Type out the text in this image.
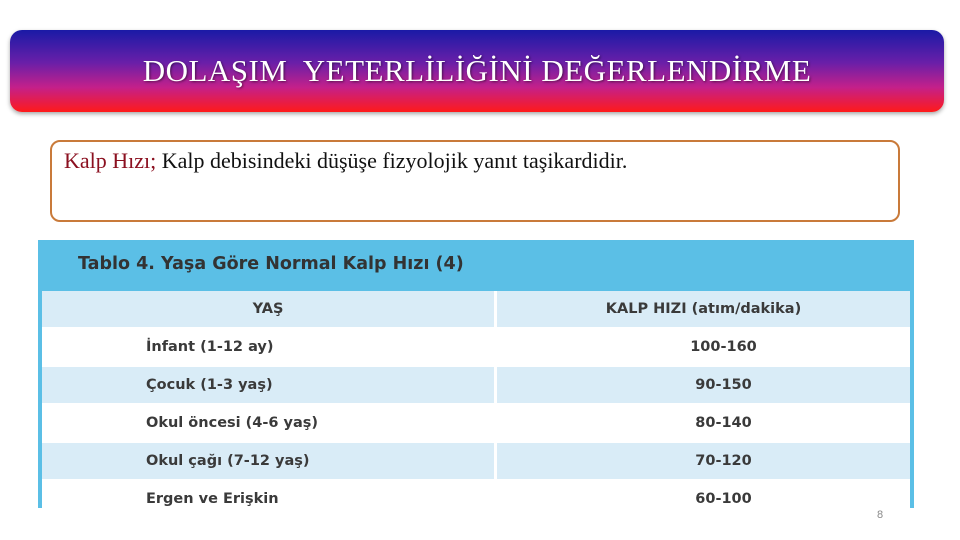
DOLAŞIM  YETERLİLİĞİNİ DEĞERLENDİRME
Kalp Hızı; Kalp debisindeki düşüşe fizyolojik yanıt taşikardidir.
Tablo 4. Yaşa Göre Normal Kalp Hızı (4)
YAŞ	KALP HIZI (atım/dakika)
İnfant (1-12 ay)	100-160
Çocuk (1-3 yaş)	90-150
Okul öncesi (4-6 yaş)	80-140
Okul çağı (7-12 yaş)	70-120
Ergen ve Erişkin	60-100
8
